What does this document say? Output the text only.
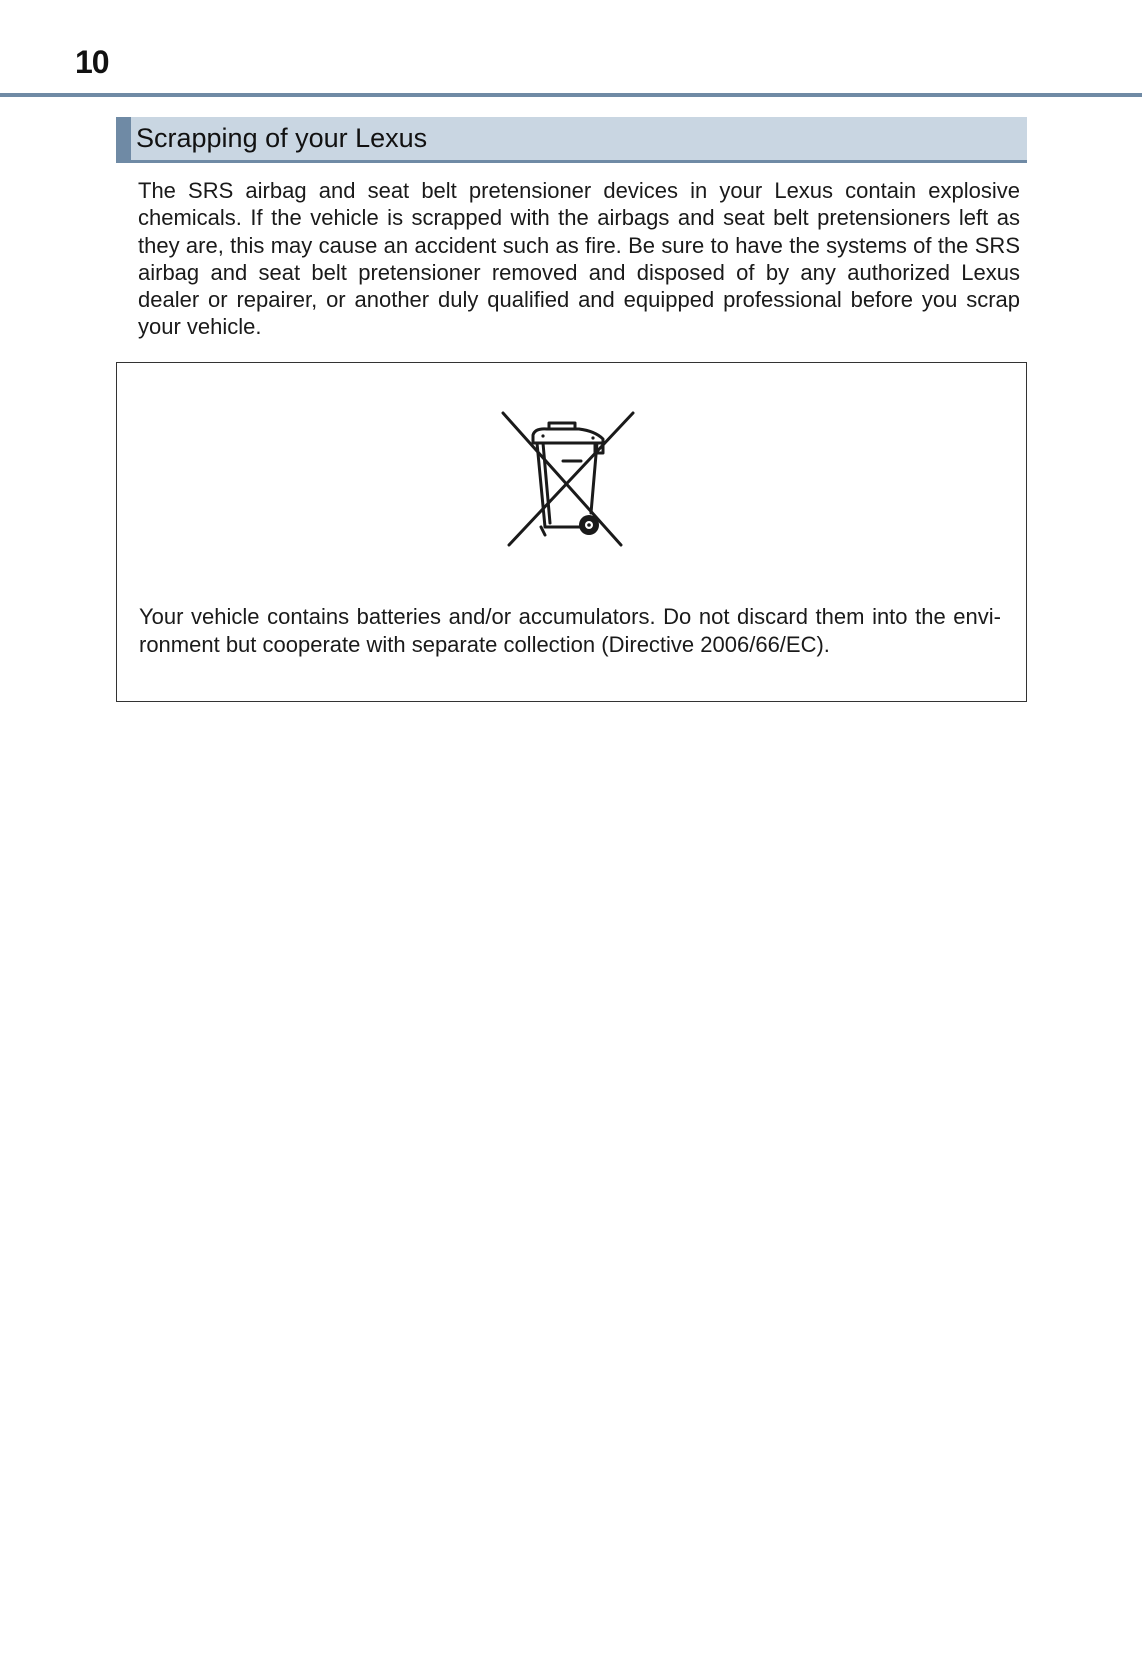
10
Scrapping of your Lexus
The SRS airbag and seat belt pretensioner devices in your Lexus contain explosive chemicals. If the vehicle is scrapped with the airbags and seat belt pretensioners left as they are, this may cause an accident such as fire. Be sure to have the systems of the SRS airbag and seat belt pretensioner removed and disposed of by any authorized Lexus dealer or repairer, or another duly qualified and equipped professional before you scrap your vehicle.
Your vehicle contains batteries and/or accumulators. Do not discard them into the environment but cooperate with separate collection (Directive 2006/66/EC).
